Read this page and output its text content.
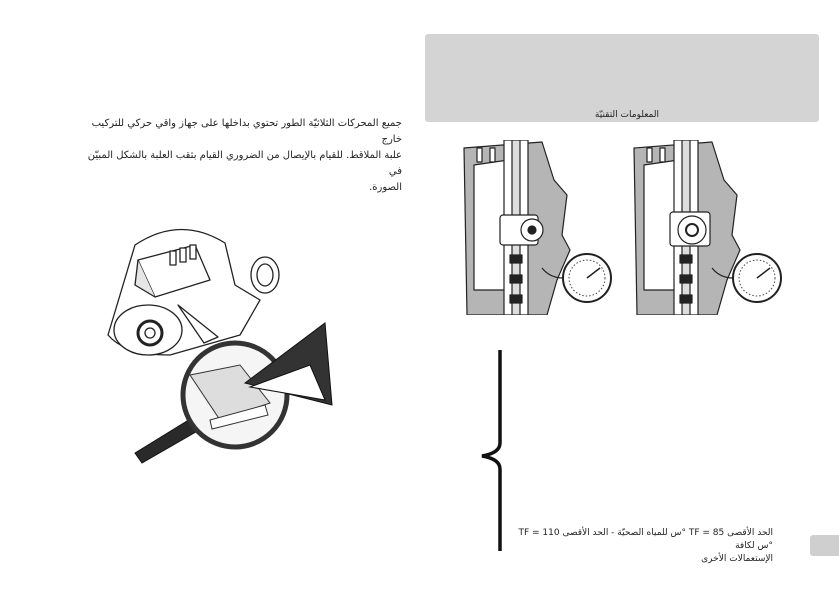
جميع المحركات الثلاثيّة الطور تحتوي بداخلها على جهاز واقي حركي للتركيب خارج

علبة الملاقط. للقيام بالإيصال من الضروري القيام بثقب العلبة بالشكل المبيّن في

الصورة.

المعلومات التقنيّة

الحد الأقصى TF = 85 °س للمياه الصحيّة - الحد الأقصى TF = 110 °س لكافة

الإستعمالات الأخرى
